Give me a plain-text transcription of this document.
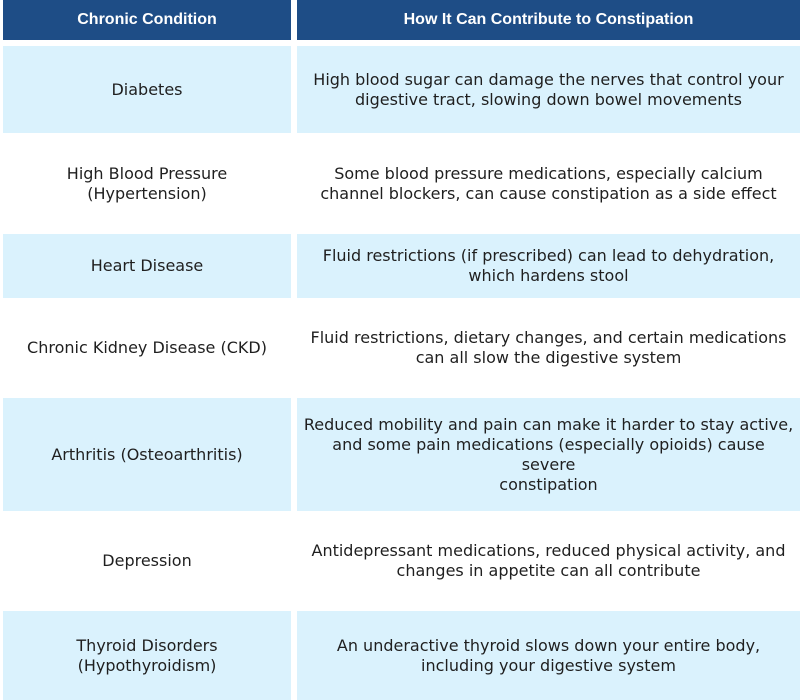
Chronic Condition	How It Can Contribute to Constipation
Diabetes
High blood sugar can damage the nerves that control your
digestive tract, slowing down bowel movements
High Blood Pressure
(Hypertension)
Some blood pressure medications, especially calcium
channel blockers, can cause constipation as a side effect
Heart Disease
Fluid restrictions (if prescribed) can lead to dehydration,
which hardens stool
Chronic Kidney Disease (CKD)
Fluid restrictions, dietary changes, and certain medications
can all slow the digestive system
Arthritis (Osteoarthritis)
Reduced mobility and pain can make it harder to stay active,
and some pain medications (especially opioids) cause severe
constipation
Depression
Antidepressant medications, reduced physical activity, and
changes in appetite can all contribute
Thyroid Disorders
(Hypothyroidism)
An underactive thyroid slows down your entire body,
including your digestive system
